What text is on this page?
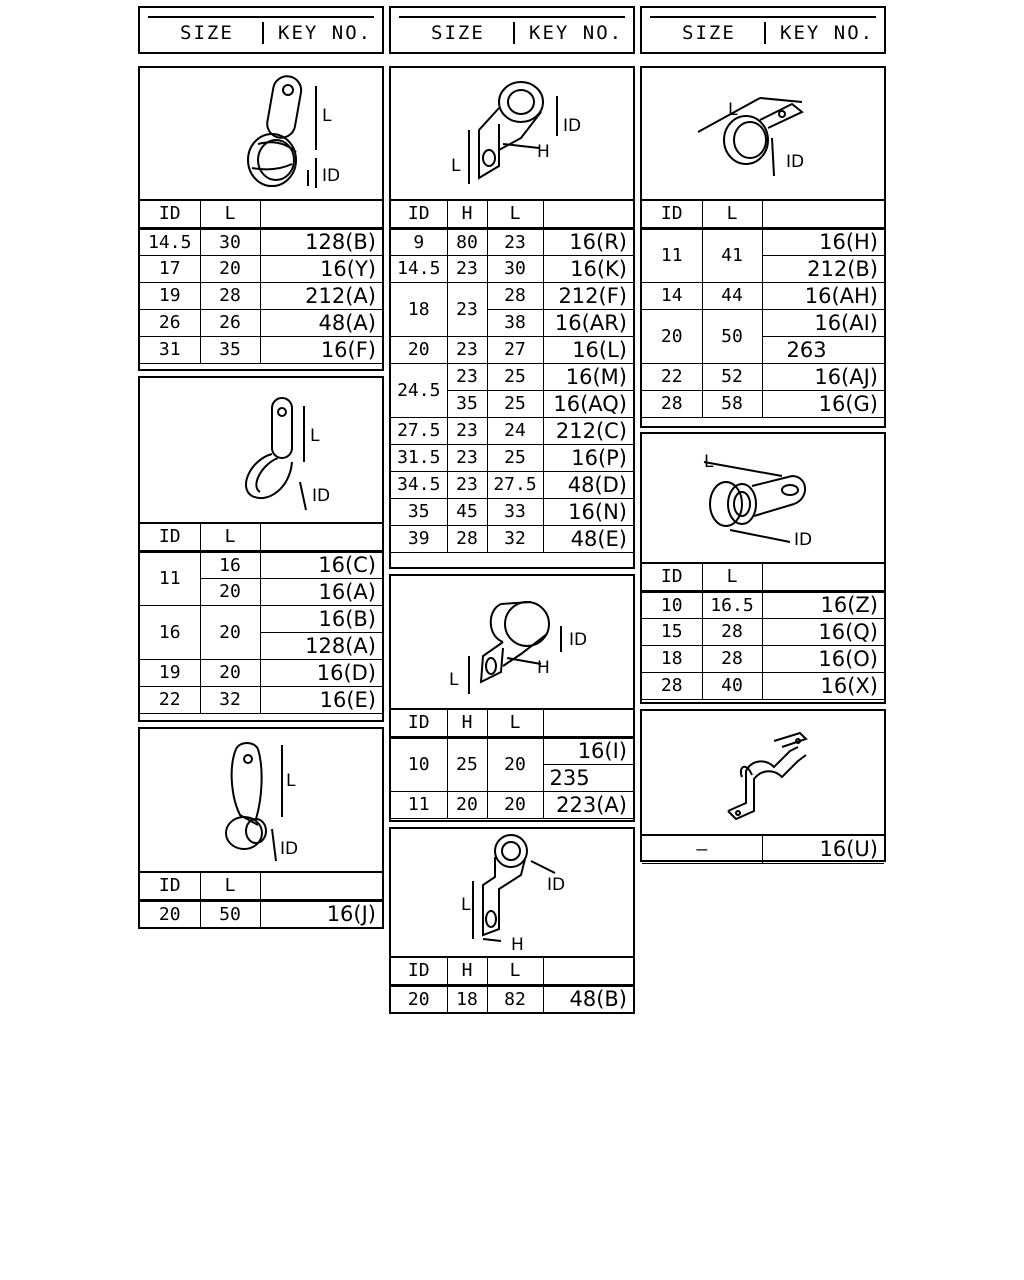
SIZE KEY NO.	SIZE KEY NO.	SIZE KEY NO.
L
ID
ID	L	
14.5	30	128(B)
17	20	16(Y)
19	28	212(A)
26	26	48(A)
31	35	16(F)
L
ID
ID	L	
11	16	16(C)
	20	16(A)
16	20	16(B)
		128(A)
19	20	16(D)
22	32	16(E)
L
ID
ID	L	
20	50	16(J)
L
H
ID
ID	H	L	
9	80	23	16(R)
14.5	23	30	16(K)
18	23	28	212(F)
		38	16(AR)
20	23	27	16(L)
24.5	23	25	16(M)
	35	25	16(AQ)
27.5	23	24	212(C)
31.5	23	25	16(P)
34.5	23	27.5	48(D)
35	45	33	16(N)
39	28	32	48(E)
L
H
ID
ID	H	L	
10	25	20	16(I)
			235
11	20	20	223(A)
L
H
ID
ID	H	L	
20	18	82	48(B)
L
ID
ID	L	
11	41	16(H)
		212(B)
14	44	16(AH)
20	50	16(AI)
		263
22	52	16(AJ)
28	58	16(G)
L
ID
ID	L	
10	16.5	16(Z)
15	28	16(Q)
18	28	16(O)
28	40	16(X)
—	16(U)
